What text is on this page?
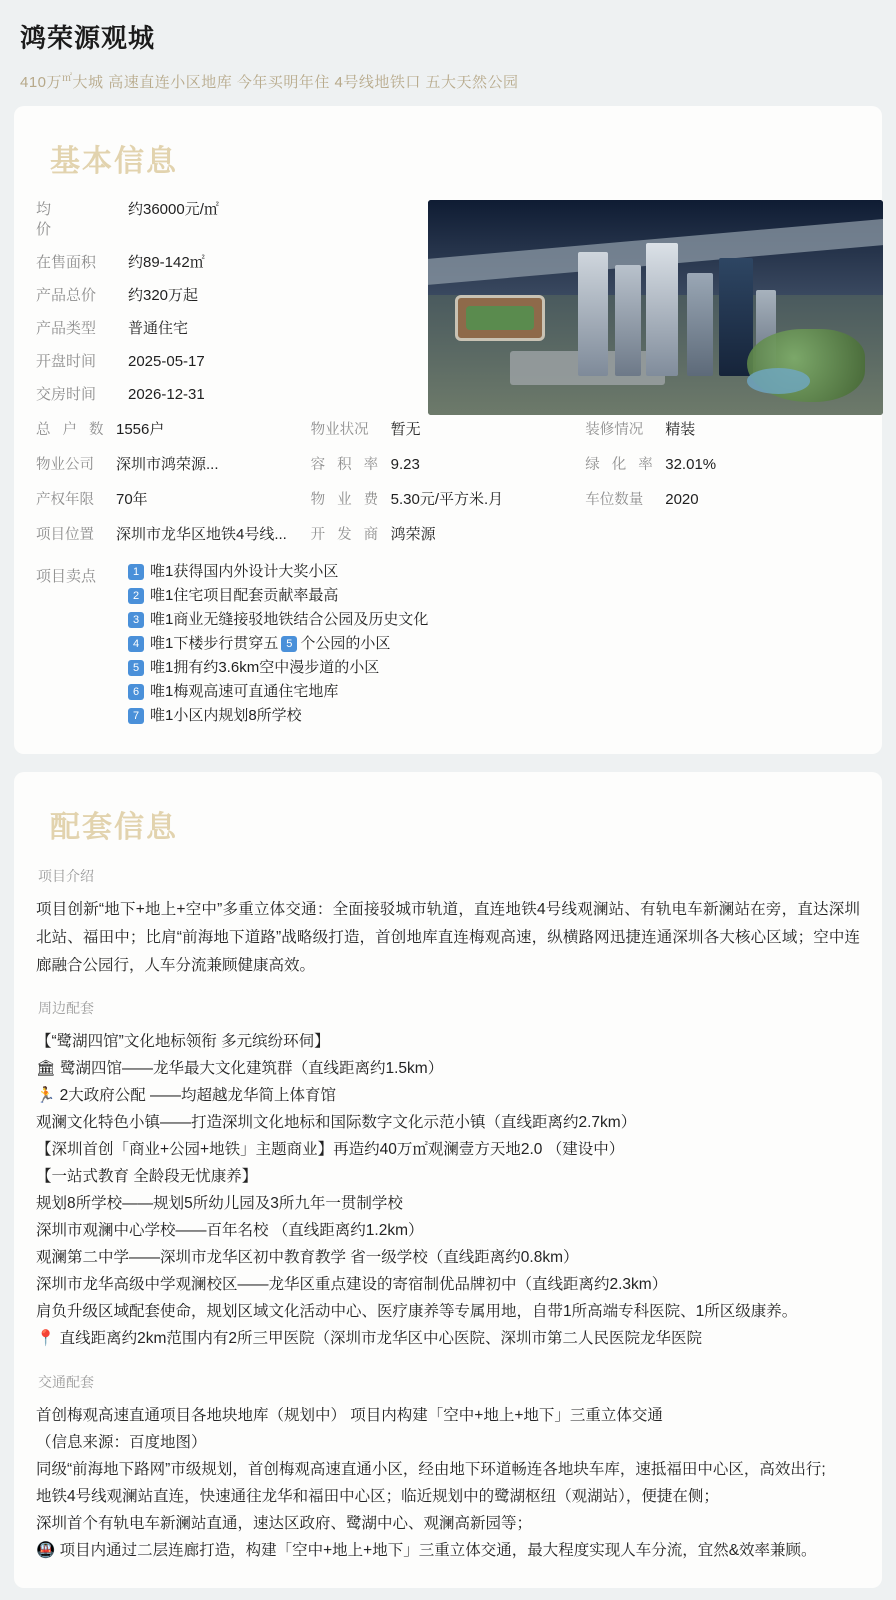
鸿荣源观城
410万㎡大城 高速直连小区地库 今年买明年住 4号线地铁口 五大天然公园
基本信息
均　　价
约36000元/㎡
在售面积	约89-142㎡
产品总价	约320万起
产品类型	普通住宅
开盘时间	2025-05-17
交房时间	2026-12-31
总 户 数 1556户	物业状况	暂无	装修情况	精装
物业公司	深圳市鸿荣源...	容 积 率 9.23	绿 化 率 32.01%
产权年限	70年	物 业 费 5.30元/平方米.月	车位数量	2020
项目位置	深圳市龙华区地铁4号线... 开 发 商 鸿荣源
项目卖点	1 唯1获得国内外设计大奖小区
2 唯1住宅项目配套贡献率最高
3 唯1商业无缝接驳地铁结合公园及历史文化
4 唯1下楼步行贯穿五 5 个公园的小区
5 唯1拥有约3.6km空中漫步道的小区
6 唯1梅观高速可直通住宅地库
7 唯1小区内规划8所学校
配套信息
项目介绍

项目创新“地下+地上+空中”多重立体交通：全面接驳城市轨道，直连地铁4号线观澜站、有轨电车新澜站在旁，直达深圳北站、福田中；比肩“前海地下道路”战略级打造，首创地库直连梅观高速，纵横路网迅捷连通深圳各大核心区域；空中连廊融合公园行，人车分流兼顾健康高效。

周边配套
【“鹭湖四馆”文化地标领衔 多元缤纷环伺】
🏛 鹭湖四馆——龙华最大文化建筑群（直线距离约1.5km）
🏃 2大政府公配 ——均超越龙华简上体育馆
观澜文化特色小镇——打造深圳文化地标和国际数字文化示范小镇（直线距离约2.7km）
【深圳首创「商业+公园+地铁」主题商业】再造约40万㎡观澜壹方天地2.0 （建设中）
【一站式教育 全龄段无忧康养】
规划8所学校——规划5所幼儿园及3所九年一贯制学校
深圳市观澜中心学校——百年名校 （直线距离约1.2km）
观澜第二中学——深圳市龙华区初中教育教学 省一级学校（直线距离约0.8km）
深圳市龙华高级中学观澜校区——龙华区重点建设的寄宿制优品牌初中（直线距离约2.3km）
肩负升级区域配套使命，规划区域文化活动中心、医疗康养等专属用地，自带1所高端专科医院、1所区级康养。
📍 直线距离约2km范围内有2所三甲医院（深圳市龙华区中心医院、深圳市第二人民医院龙华医院
交通配套
首创梅观高速直通项目各地块地库（规划中） 项目内构建「空中+地上+地下」三重立体交通
（信息来源：百度地图）
同级“前海地下路网”市级规划，首创梅观高速直通小区，经由地下环道畅连各地块车库，速抵福田中心区，高效出行;
地铁4号线观澜站直连，快速通往龙华和福田中心区；临近规划中的鹭湖枢纽（观湖站），便捷在侧；
深圳首个有轨电车新澜站直通，速达区政府、鹭湖中心、观澜高新园等；
🚇 项目内通过二层连廊打造，构建「空中+地上+地下」三重立体交通，最大程度实现人车分流，宜然&效率兼顾。
